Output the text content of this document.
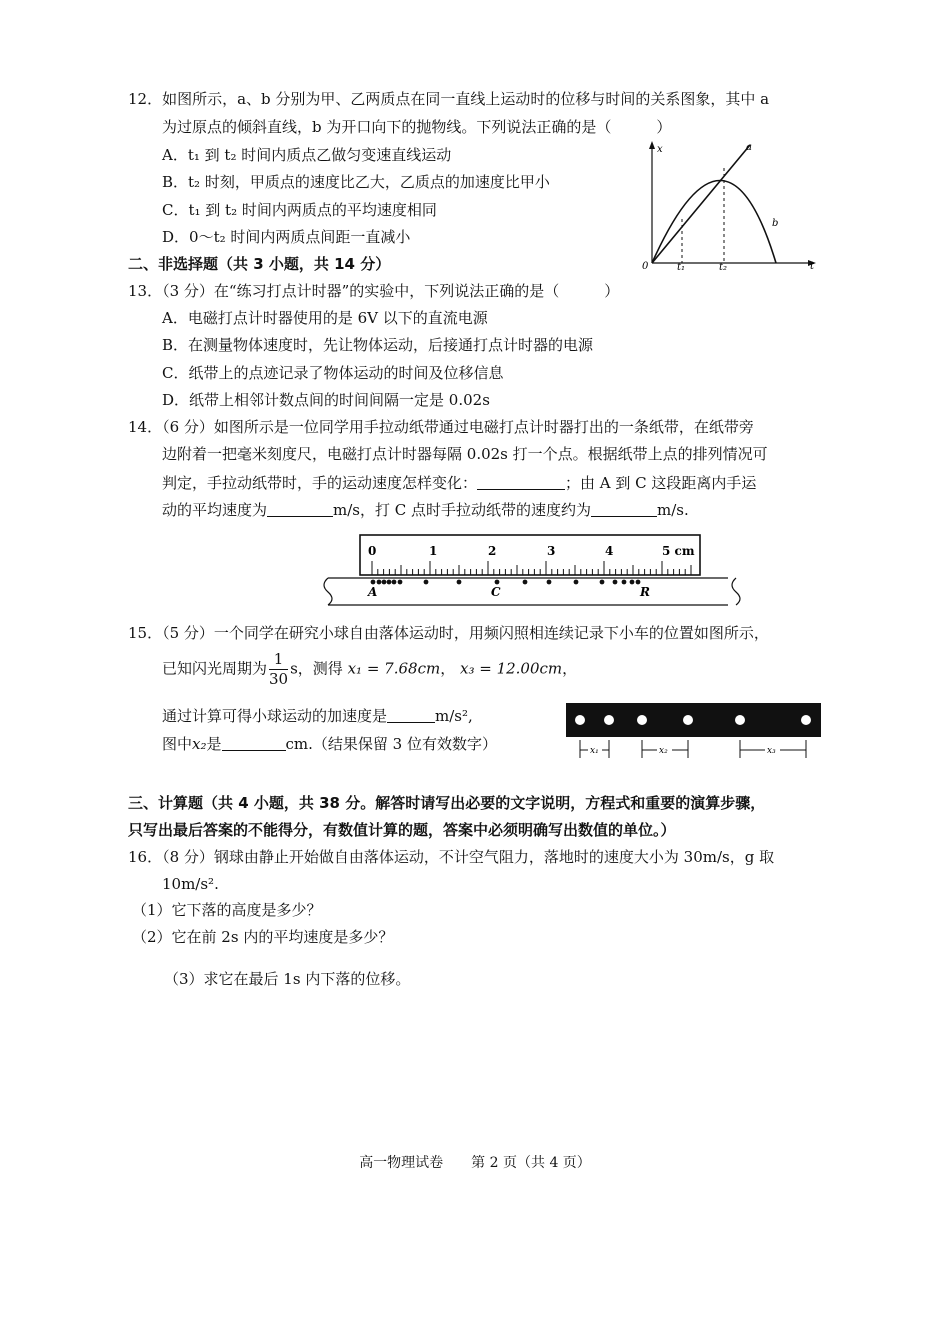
12．如图所示，a、b 分别为甲、乙两质点在同一直线上运动时的位移与时间的关系图象，其中 a
为过原点的倾斜直线，b 为开口向下的抛物线。下列说法正确的是（　　　）
A．t₁ 到 t₂ 时间内质点乙做匀变速直线运动
B．t₂ 时刻，甲质点的速度比乙大，乙质点的加速度比甲小
C．t₁ 到 t₂ 时间内两质点的平均速度相同
D．0～t₂ 时间内两质点间距一直减小
x
t
0	t₁	t₂
a
b
二、非选择题（共 3 小题，共 14 分）
13．（3 分）在“练习打点计时器”的实验中，下列说法正确的是（　　　）
A．电磁打点计时器使用的是 6V 以下的直流电源
B．在测量物体速度时，先让物体运动，后接通打点计时器的电源
C．纸带上的点迹记录了物体运动的时间及位移信息
D．纸带上相邻计数点间的时间间隔一定是 0.02s
14．（6 分）如图所示是一位同学用手拉动纸带通过电磁打点计时器打出的一条纸带，在纸带旁
边附着一把毫米刻度尺，电磁打点计时器每隔 0.02s 打一个点。根据纸带上点的排列情况可
判定，手拉动纸带时，手的运动速度怎样变化：	；由 A 到 C 这段距离内手运
动的平均速度为	m/s，打 C 点时手拉动纸带的速度约为	m/s.
0	1	2	3	4	5 cm
A	C	R
15．（5 分）一个同学在研究小球自由落体运动时，用频闪照相连续记录下小车的位置如图所示，
已知闪光周期为 $\frac{1}{30}$ s，测得 x₁ = 7.68cm， x₃ = 12.00cm，
通过计算可得小球运动的加速度是	m/s²,
图中x₂是	cm.（结果保留 3 位有效数字）	x₁	x₂	x₃
三、计算题（共 4 小题，共 38 分。解答时请写出必要的文字说明，方程式和重要的演算步骤，
只写出最后答案的不能得分，有数值计算的题，答案中必须明确写出数值的单位。）
16．（8 分）钢球由静止开始做自由落体运动，不计空气阻力，落地时的速度大小为 30m/s，g 取
10m/s².
（1）它下落的高度是多少？
（2）它在前 2s 内的平均速度是多少？
（3）求它在最后 1s 内下落的位移。
高一物理试卷　　第 2 页（共 4 页）
